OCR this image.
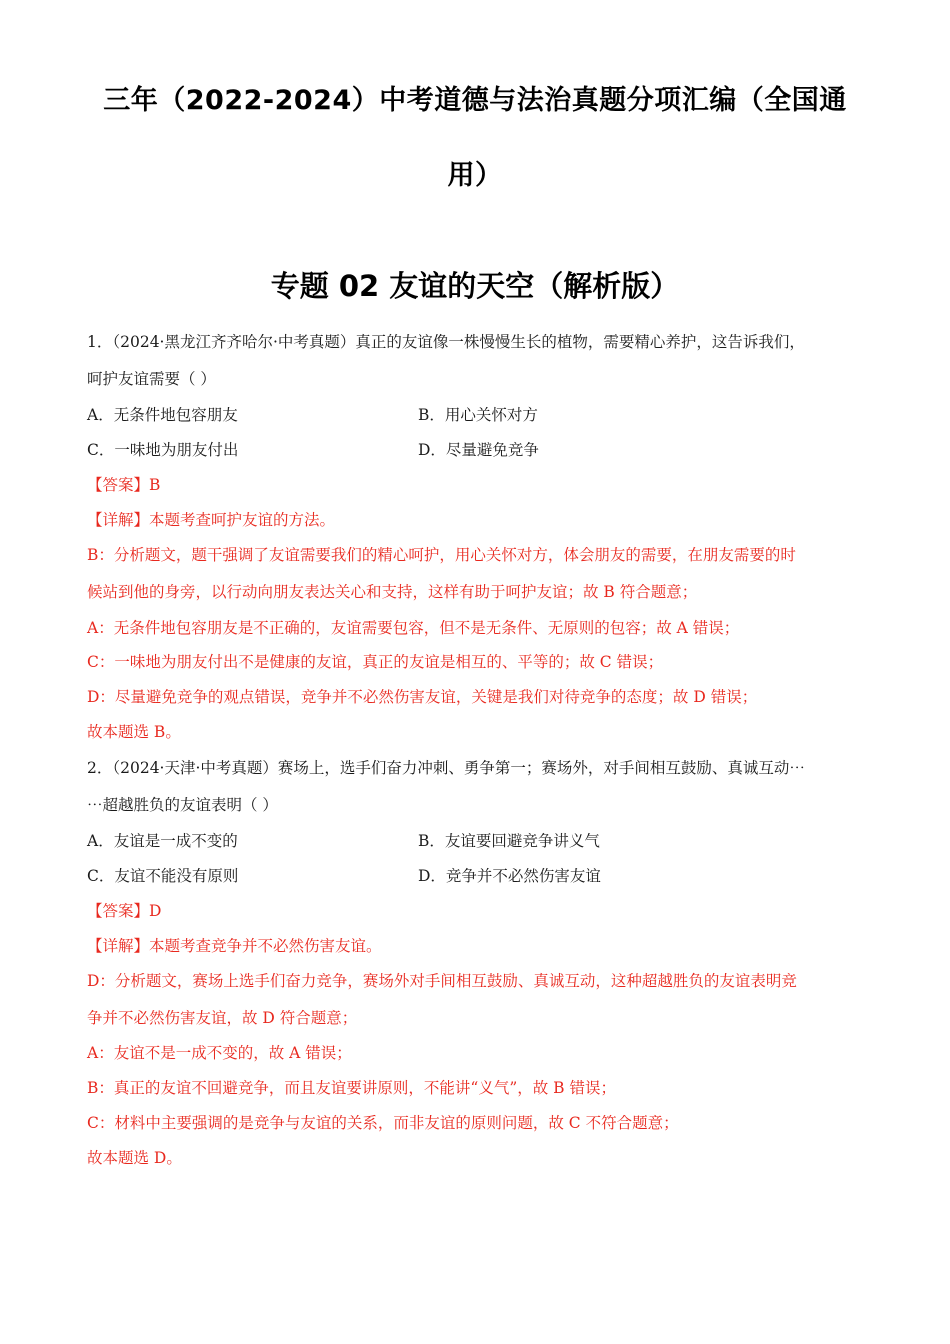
三年（2022-2024）中考道德与法治真题分项汇编（全国通
用）
专题 02 友谊的天空（解析版）
1．（2024·黑龙江齐齐哈尔·中考真题）真正的友谊像一株慢慢生长的植物，需要精心养护，这告诉我们，
呵护友谊需要（ ）
A．无条件地包容朋友	B．用心关怀对方
C．一味地为朋友付出	D．尽量避免竞争
【答案】B
【详解】本题考查呵护友谊的方法。
B：分析题文，题干强调了友谊需要我们的精心呵护，用心关怀对方，体会朋友的需要，在朋友需要的时
候站到他的身旁，以行动向朋友表达关心和支持，这样有助于呵护友谊；故 B 符合题意；
A：无条件地包容朋友是不正确的，友谊需要包容，但不是无条件、无原则的包容；故 A 错误；
C：一味地为朋友付出不是健康的友谊，真正的友谊是相互的、平等的；故 C 错误；
D：尽量避免竞争的观点错误，竞争并不必然伤害友谊，关键是我们对待竞争的态度；故 D 错误；
故本题选 B。
2．（2024·天津·中考真题）赛场上，选手们奋力冲刺、勇争第一；赛场外，对手间相互鼓励、真诚互动⋯
⋯超越胜负的友谊表明（ ）
A．友谊是一成不变的	B．友谊要回避竞争讲义气
C．友谊不能没有原则	D．竞争并不必然伤害友谊
【答案】D
【详解】本题考查竞争并不必然伤害友谊。
D：分析题文，赛场上选手们奋力竞争，赛场外对手间相互鼓励、真诚互动，这种超越胜负的友谊表明竞
争并不必然伤害友谊，故 D 符合题意；
A：友谊不是一成不变的，故 A 错误；
B：真正的友谊不回避竞争，而且友谊要讲原则，不能讲“义气”，故 B 错误；
C：材料中主要强调的是竞争与友谊的关系，而非友谊的原则问题，故 C 不符合题意；
故本题选 D。
